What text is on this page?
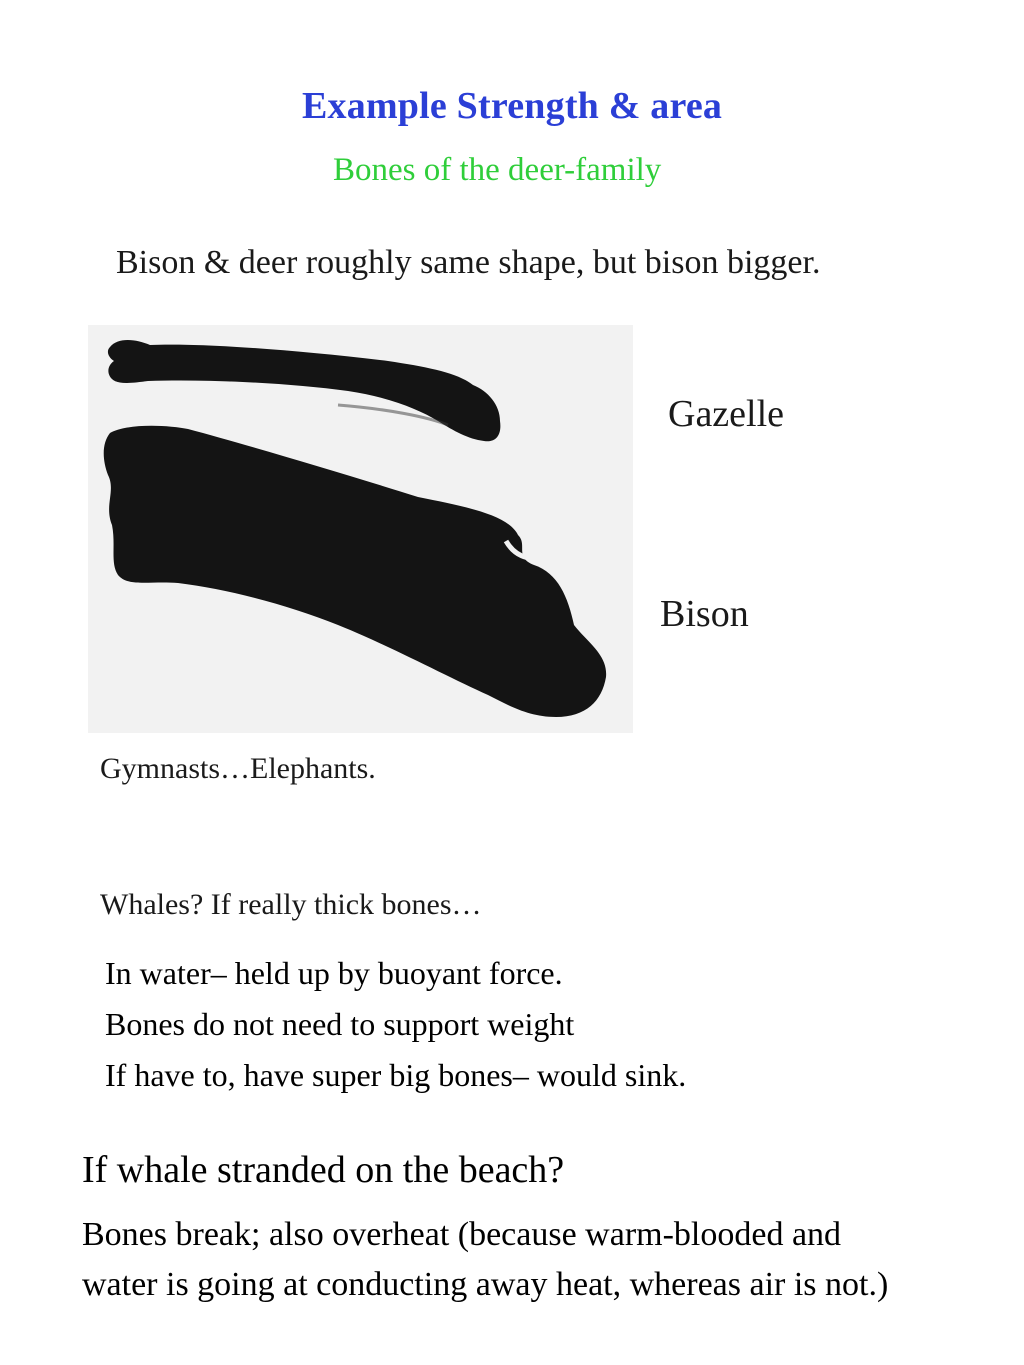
Example Strength & area
Bones of the deer-family
Bison & deer roughly same shape, but bison bigger.
Gazelle
Bison
Gymnasts…Elephants.
Whales? If really thick bones…
In water– held up by buoyant force.
Bones do not need to support weight
If have to, have super big bones– would sink.
If whale stranded on the beach?
Bones break; also overheat (because warm-blooded and
water is going at conducting away heat, whereas air is not.)
